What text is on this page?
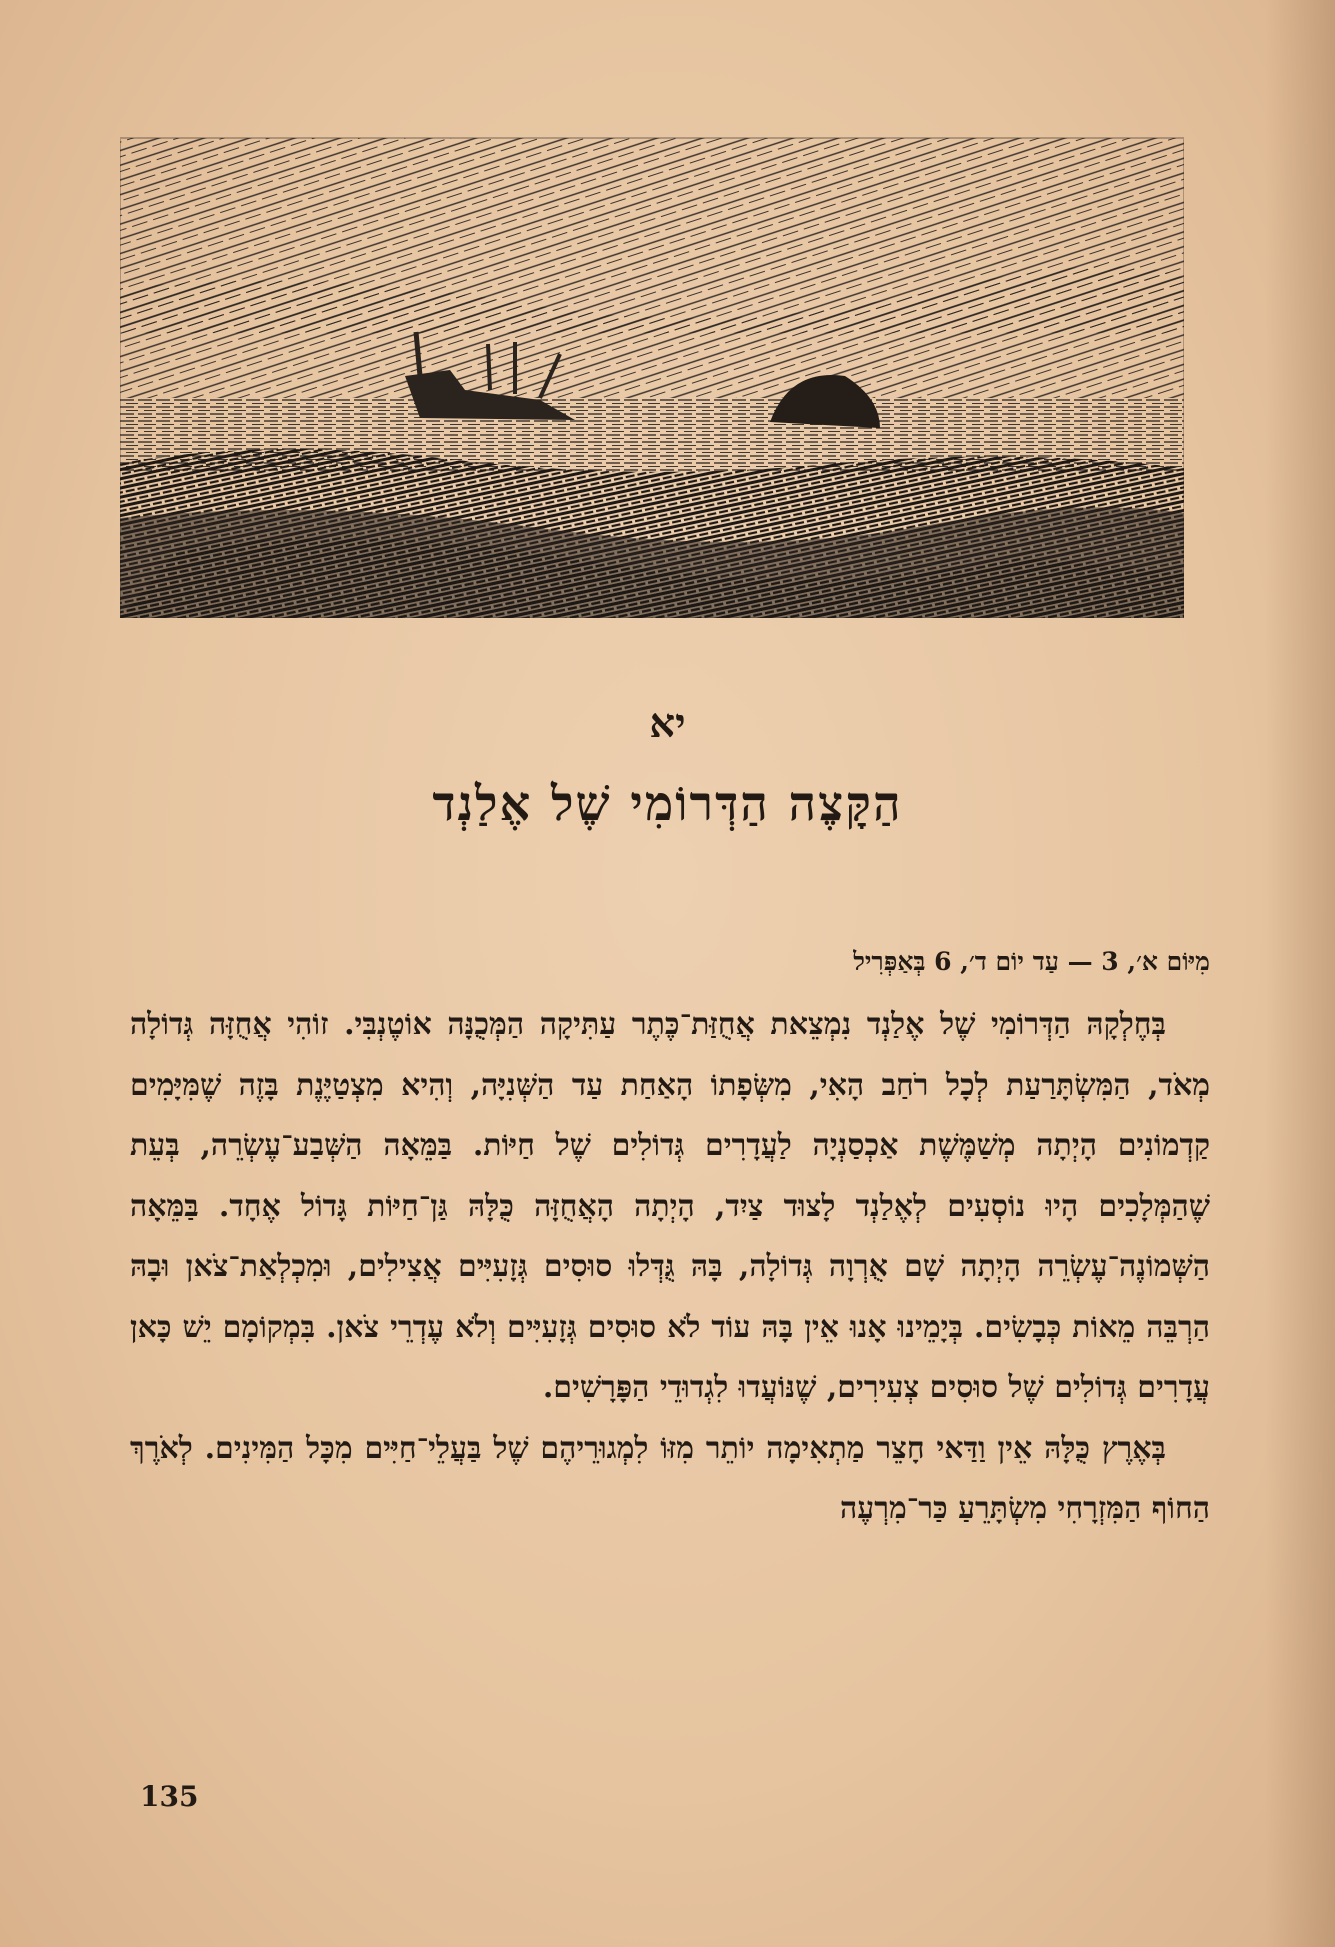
יא
הַקָּצֶה הַדְּרוֹמִי שֶׁל אֶלַנְד
מִיּוֹם א׳, 3 — עַד יוֹם ד׳, 6 בְּאַפְּרִיל

בְּחֶלְקָהּ הַדְּרוֹמִי שֶׁל אֶלַנְד נִמְצֵאת אֲחֻזַּת־כֶּתֶר עַתִּיקָה הַמְּכֻנָּה אוֹטֶנְבִּי. זוֹהִי אֲחֻזָּה גְּדוֹלָה מְאֹד, הַמִּשְׂתָּרַעַת לְכָל רֹחַב הָאִי, מִשְּׂפָתוֹ הָאַחַת עַד הַשְּׁנִיָּה, וְהִיא מִצְטַיֶּנֶת בָּזֶה שֶׁמִּיָּמִים קַדְמוֹנִים הָיְתָה מְשַׁמֶּשֶׁת אַכְסַנְיָה לַעֲדָרִים גְּדוֹלִים שֶׁל חַיּוֹת. בַּמֵּאָה הַשְּׁבַע־עֶשְׂרֵה, בְּעֵת שֶׁהַמְּלָכִים הָיוּ נוֹסְעִים לְאֶלַנְד לָצוּד צַיִד, הָיְתָה הָאֲחֻזָּה כֻּלָּהּ גַּן־חַיּוֹת גָּדוֹל אֶחָד. בַּמֵּאָה הַשְּׁמוֹנֶה־עֶשְׂרֵה הָיְתָה שָׁם אֻרְוָה גְּדוֹלָה, בָּהּ גֻּדְּלוּ סוּסִים גְּזָעִיִּים אֲצִילִים, וּמִכְלְאַת־צֹאן וּבָהּ הַרְבֵּה מֵאוֹת כְּבָשִׂים. בְּיָמֵינוּ אָנוּ אֵין בָּהּ עוֹד לֹא סוּסִים גְּזָעִיִּים וְלֹא עֶדְרֵי צֹאן. בִּמְקוֹמָם יֵשׁ כָּאן עֲדָרִים גְּדוֹלִים שֶׁל סוּסִים צְעִירִים, שֶׁנּוֹעֲדוּ לִגְדוּדֵי הַפָּרָשִׁים.

בְּאֶרֶץ כֻּלָּהּ אֵין וַדַּאי חָצֵר מַתְאִימָה יוֹתֵר מִזּוֹ לִמְגוּרֵיהֶם שֶׁל בַּעֲלֵי־חַיִּים מִכָּל הַמִּינִים. לְאֹרֶךְ הַחוֹף הַמִּזְרָחִי מִשְׂתָּרֵעַ כַּר־מִרְעֶה

135
